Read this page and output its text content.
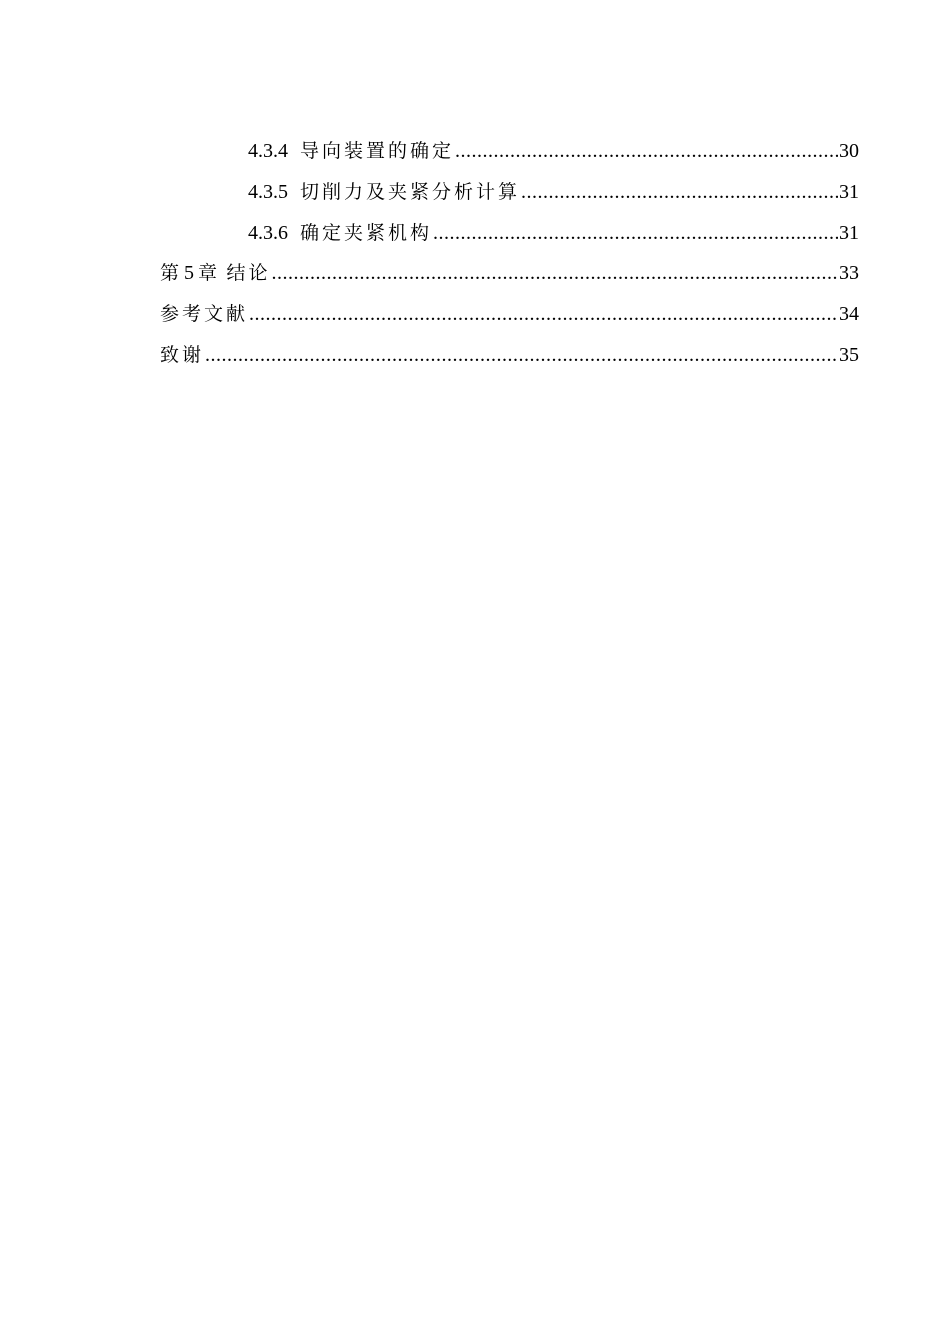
4.3.4 导向装置的确定 .....	30
4.3.5 切削力及夹紧分析计算 .....	31
4.3.6 确定夹紧机构 .....	31
第 5 章 结论 .....	33
参考文献 .....	34
致谢 .....	35
